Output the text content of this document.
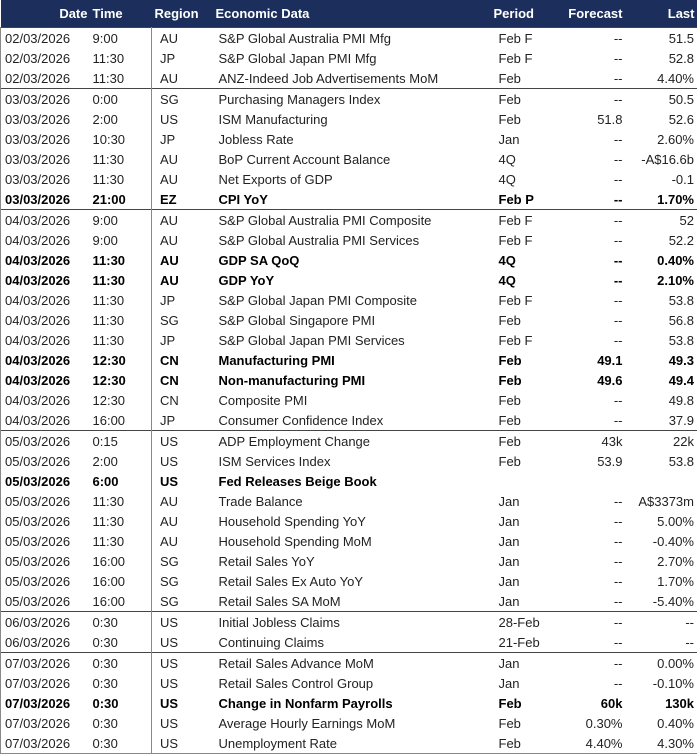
Date	Time	Region	Economic Data	Period	Forecast	Last
02/03/2026	9:00	AU	S&P Global Australia PMI Mfg	Feb F	--	51.5
02/03/2026	11:30	JP	S&P Global Japan PMI Mfg	Feb F	--	52.8
02/03/2026	11:30	AU	ANZ-Indeed Job Advertisements MoM	Feb	--	4.40%
03/03/2026	0:00	SG	Purchasing Managers Index	Feb	--	50.5
03/03/2026	2:00	US	ISM Manufacturing	Feb	51.8	52.6
03/03/2026	10:30	JP	Jobless Rate	Jan	--	2.60%
03/03/2026	11:30	AU	BoP Current Account Balance	4Q	--	-A$16.6b
03/03/2026	11:30	AU	Net Exports of GDP	4Q	--	-0.1
03/03/2026	21:00	EZ	CPI YoY	Feb P	--	1.70%
04/03/2026	9:00	AU	S&P Global Australia PMI Composite	Feb F	--	52
04/03/2026	9:00	AU	S&P Global Australia PMI Services	Feb F	--	52.2
04/03/2026	11:30	AU	GDP SA QoQ	4Q	--	0.40%
04/03/2026	11:30	AU	GDP YoY	4Q	--	2.10%
04/03/2026	11:30	JP	S&P Global Japan PMI Composite	Feb F	--	53.8
04/03/2026	11:30	SG	S&P Global Singapore PMI	Feb	--	56.8
04/03/2026	11:30	JP	S&P Global Japan PMI Services	Feb F	--	53.8
04/03/2026	12:30	CN	Manufacturing PMI	Feb	49.1	49.3
04/03/2026	12:30	CN	Non-manufacturing PMI	Feb	49.6	49.4
04/03/2026	12:30	CN	Composite PMI	Feb	--	49.8
04/03/2026	16:00	JP	Consumer Confidence Index	Feb	--	37.9
05/03/2026	0:15	US	ADP Employment Change	Feb	43k	22k
05/03/2026	2:00	US	ISM Services Index	Feb	53.9	53.8
05/03/2026	6:00	US	Fed Releases Beige Book			
05/03/2026	11:30	AU	Trade Balance	Jan	--	A$3373m
05/03/2026	11:30	AU	Household Spending YoY	Jan	--	5.00%
05/03/2026	11:30	AU	Household Spending MoM	Jan	--	-0.40%
05/03/2026	16:00	SG	Retail Sales YoY	Jan	--	2.70%
05/03/2026	16:00	SG	Retail Sales Ex Auto YoY	Jan	--	1.70%
05/03/2026	16:00	SG	Retail Sales SA MoM	Jan	--	-5.40%
06/03/2026	0:30	US	Initial Jobless Claims	28-Feb	--	--
06/03/2026	0:30	US	Continuing Claims	21-Feb	--	--
07/03/2026	0:30	US	Retail Sales Advance MoM	Jan	--	0.00%
07/03/2026	0:30	US	Retail Sales Control Group	Jan	--	-0.10%
07/03/2026	0:30	US	Change in Nonfarm Payrolls	Feb	60k	130k
07/03/2026	0:30	US	Average Hourly Earnings MoM	Feb	0.30%	0.40%
07/03/2026	0:30	US	Unemployment Rate	Feb	4.40%	4.30%
